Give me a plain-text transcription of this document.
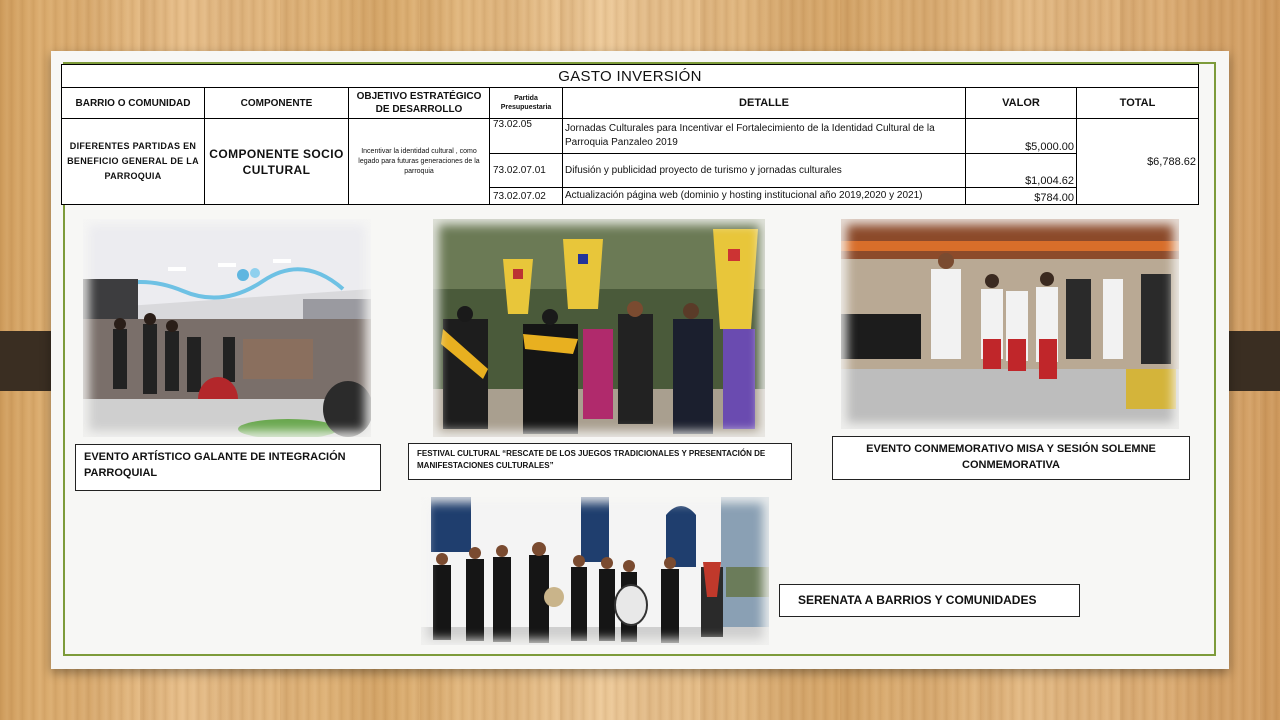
GASTO INVERSIÓN						
BARRIO O COMUNIDAD	COMPONENTE	OBJETIVO ESTRATÉGICO DE DESARROLLO	Partida Presupuestaria	DETALLE	VALOR	TOTAL
DIFERENTES PARTIDAS EN BENEFICIO GENERAL DE LA PARROQUIA	COMPONENTE SOCIO CULTURAL	Incentivar la identidad cultural , como legado para futuras generaciones de la parroquia	73.02.05	Jornadas Culturales para Incentivar el Fortalecimiento de la Identidad Cultural de la Parroquia Panzaleo 2019	$5,000.00	$6,788.62
			73.02.07.01	Difusión y publicidad proyecto de turismo y jornadas culturales	$1,004.62	
			73.02.07.02	Actualización página web (dominio y hosting institucional año 2019,2020 y 2021)	$784.00	
EVENTO ARTÍSTICO GALANTE DE INTEGRACIÓN PARROQUIAL
FESTIVAL CULTURAL “RESCATE DE LOS JUEGOS TRADICIONALES Y PRESENTACIÓN DE MANIFESTACIONES CULTURALES”
EVENTO CONMEMORATIVO MISA Y SESIÓN SOLEMNE CONMEMORATIVA
SERENATA A BARRIOS Y COMUNIDADES
